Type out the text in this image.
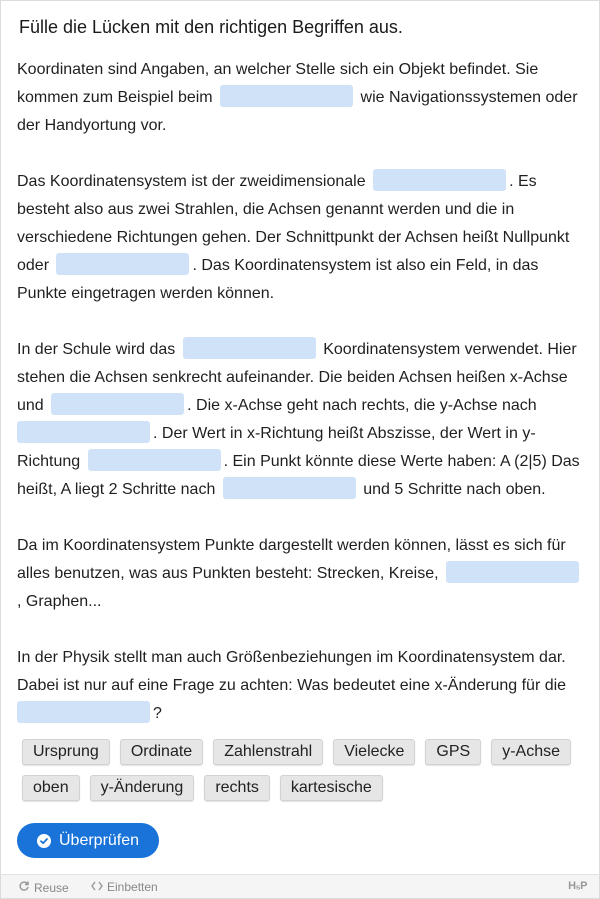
Fülle die Lücken mit den richtigen Begriffen aus.

Koordinaten sind Angaben, an welcher Stelle sich ein Objekt befindet. Sie kommen zum Beispiel beim	wie Navigationssystemen oder der Handyortung vor.

Das Koordinatensystem ist der zweidimensionale	. Es besteht also aus zwei Strahlen, die Achsen genannt werden und die in verschiedene Richtungen gehen. Der Schnittpunkt der Achsen heißt Nullpunkt oder	. Das Koordinatensystem ist also ein Feld, in das Punkte eingetragen werden können.

In der Schule wird das	Koordinatensystem verwendet. Hier stehen die Achsen senkrecht aufeinander. Die beiden Achsen heißen x-Achse und	. Die x-Achse geht nach rechts, die y-Achse nach . Der Wert in x-Richtung heißt Abszisse, der Wert in y-Richtung	. Ein Punkt könnte diese Werte haben: A (2|5) Das heißt, A liegt 2 Schritte nach	und 5 Schritte nach oben.

Da im Koordinatensystem Punkte dargestellt werden können, lässt es sich für alles benutzen, was aus Punkten besteht: Strecken, Kreise, , Graphen...

In der Physik stellt man auch Größenbeziehungen im Koordinatensystem dar. Dabei ist nur auf eine Frage zu achten: Was bedeutet eine x-Änderung für die ?

Ursprung	Ordinate	Zahlenstrahl	Vielecke	GPS	y-Achse
oben	y-Änderung	rechts	kartesische
Überprüfen
Reuse	Einbetten	H₅P
